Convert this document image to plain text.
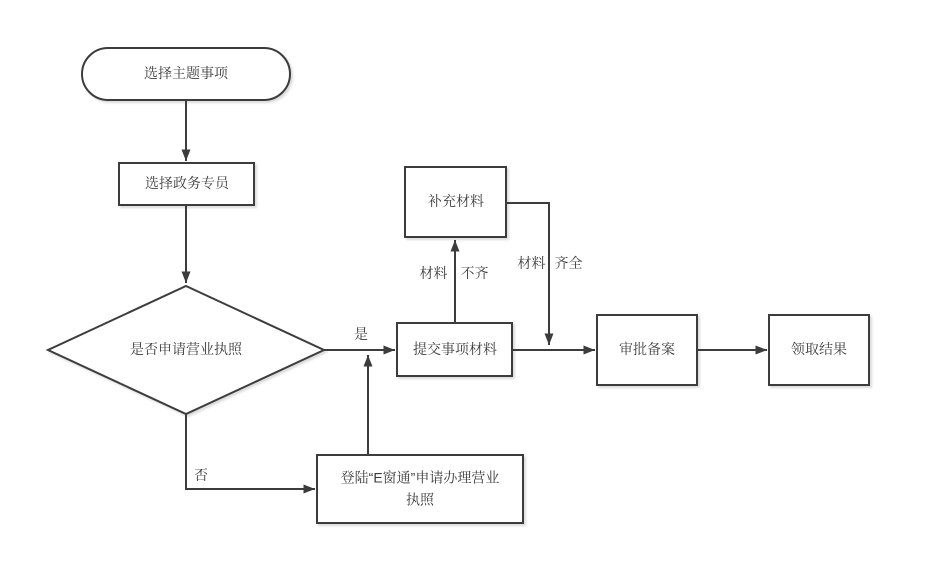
选择主题事项
选择政务专员
是否申请营业执照
补充材料
提交事项材料	审批备案	领取结果
登陆“E窗通”申请办理营业执照
是
否
材料 不齐
材料 齐全
